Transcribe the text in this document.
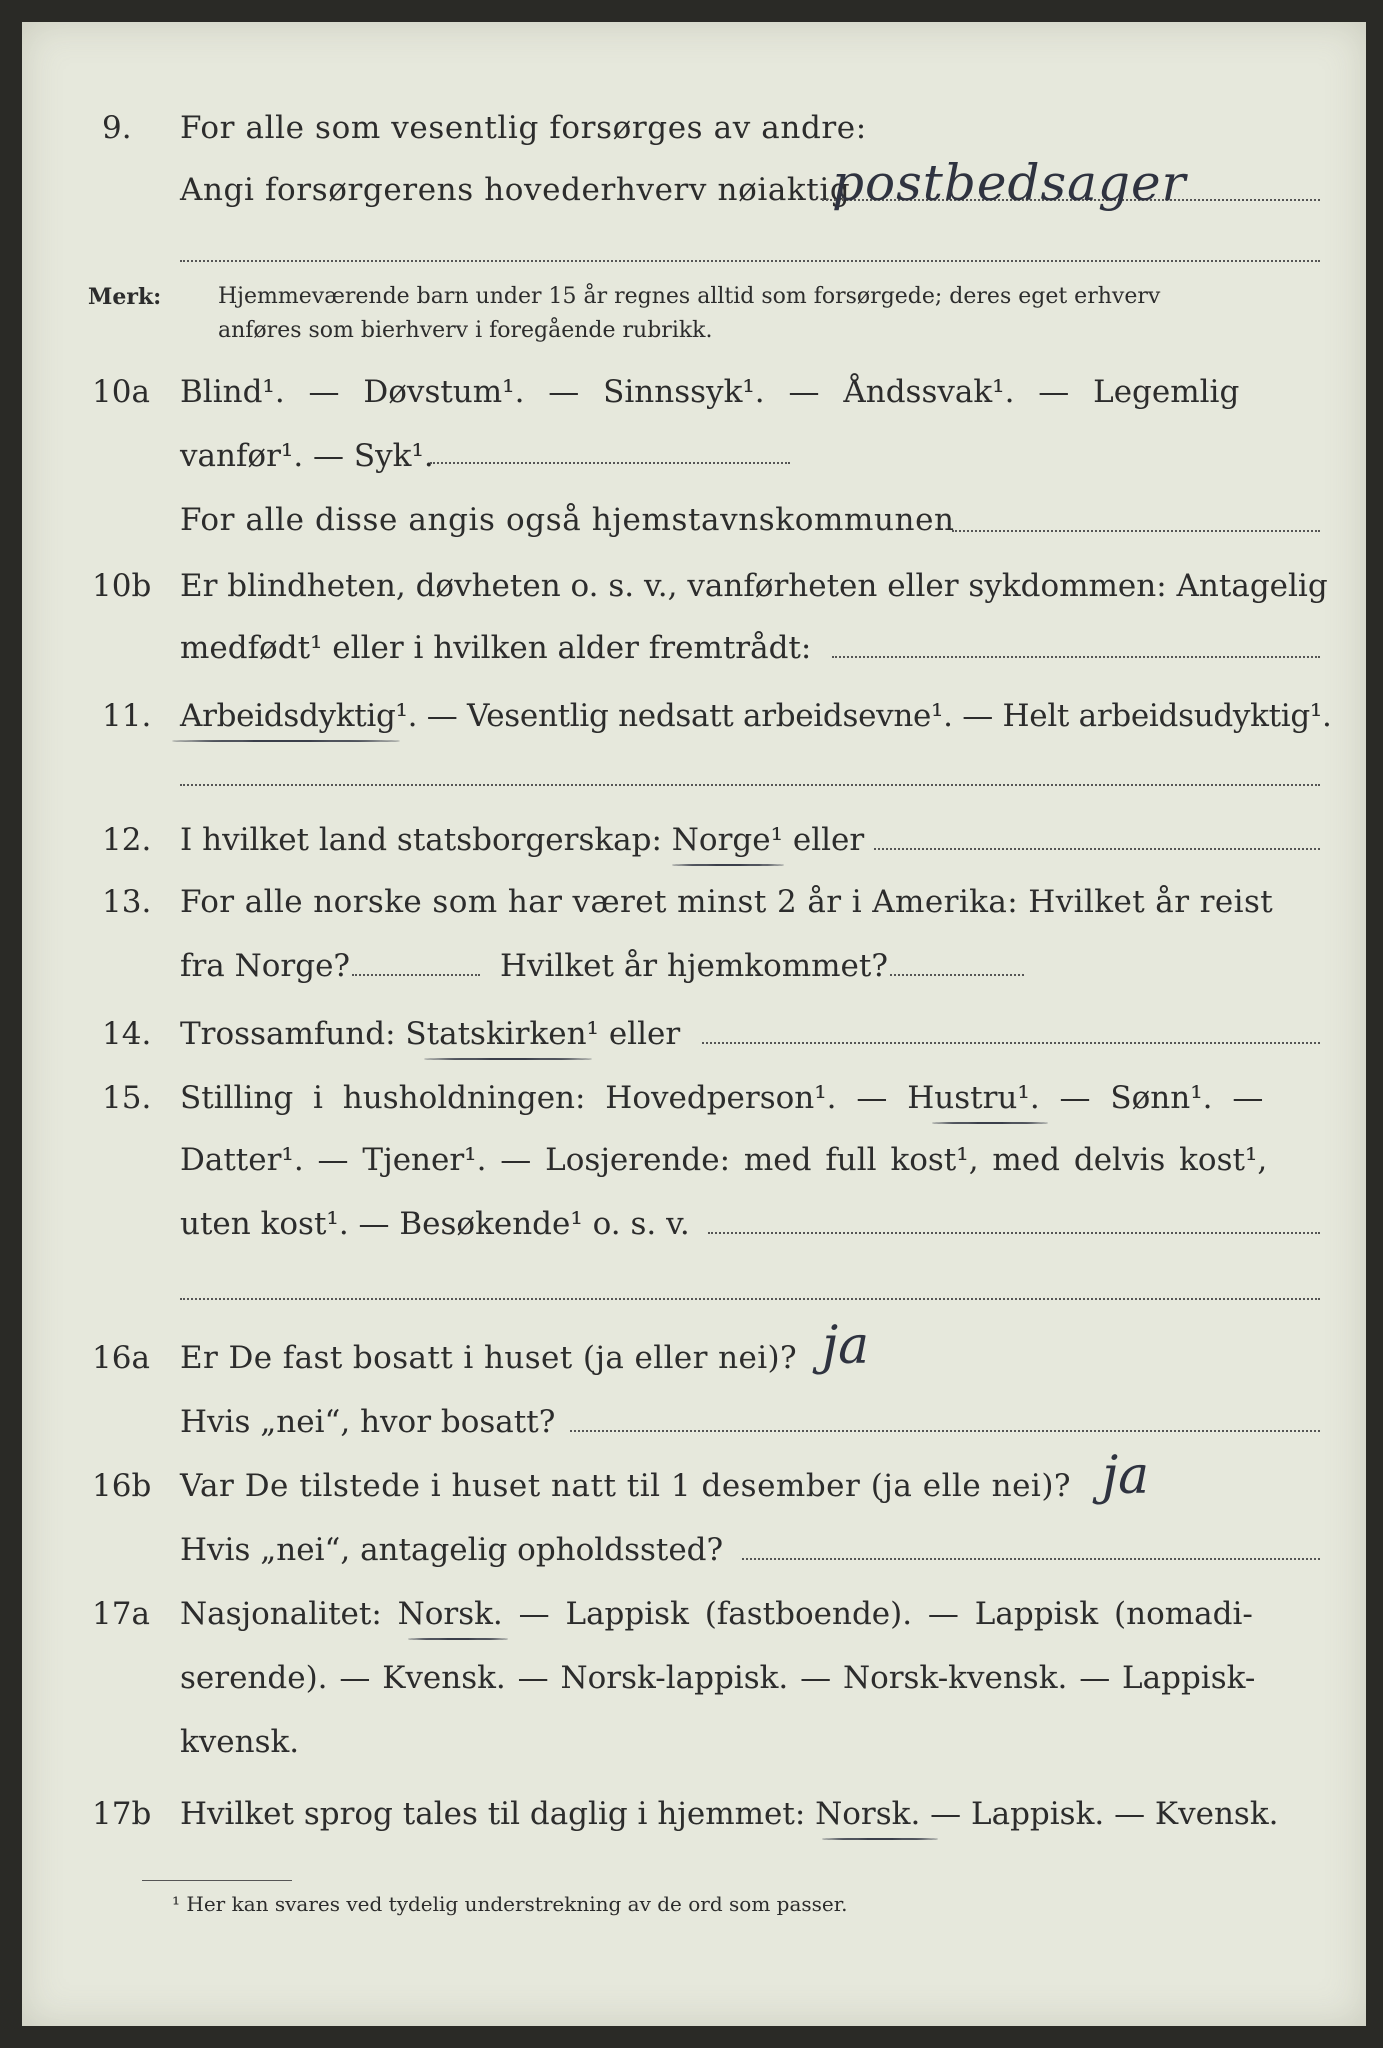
9. For alle som vesentlig forsørges av andre:
Angi forsørgerens hovederhverv nøiaktig
postbedsager
Merk:	Hjemmeværende barn under 15 år regnes alltid som forsørgede; deres eget erhverv
anføres som bierhverv i foregående rubrikk.
10a Blind¹. — Døvstum¹. — Sinnssyk¹. — Åndssvak¹. — Legemlig
vanfør¹. — Syk¹.
For alle disse angis også hjemstavnskommunen
10b Er blindheten, døvheten o. s. v., vanførheten eller sykdommen: Antagelig
medfødt¹ eller i hvilken alder fremtrådt:
11. Arbeidsdyktig¹. — Vesentlig nedsatt arbeidsevne¹. — Helt arbeidsudyktig¹.
12. I hvilket land statsborgerskap: Norge¹ eller
13. For alle norske som har været minst 2 år i Amerika: Hvilket år reist
fra Norge?	Hvilket år hjemkommet?
14. Trossamfund: Statskirken¹ eller
15. Stilling i husholdningen: Hovedperson¹. — Hustru¹. — Sønn¹. —
Datter¹. — Tjener¹. — Losjerende: med full kost¹, med delvis kost¹,
uten kost¹. — Besøkende¹ o. s. v.
16a Er De fast bosatt i huset (ja eller nei)? ja
Hvis „nei“, hvor bosatt?
16b Var De tilstede i huset natt til 1 desember (ja elle nei)? ja
Hvis „nei“, antagelig opholdssted?
17a Nasjonalitet: Norsk. — Lappisk (fastboende). — Lappisk (nomadi-
serende). — Kvensk. — Norsk-lappisk. — Norsk-kvensk. — Lappisk-
kvensk.
17b Hvilket sprog tales til daglig i hjemmet: Norsk. — Lappisk. — Kvensk.
¹ Her kan svares ved tydelig understrekning av de ord som passer.
